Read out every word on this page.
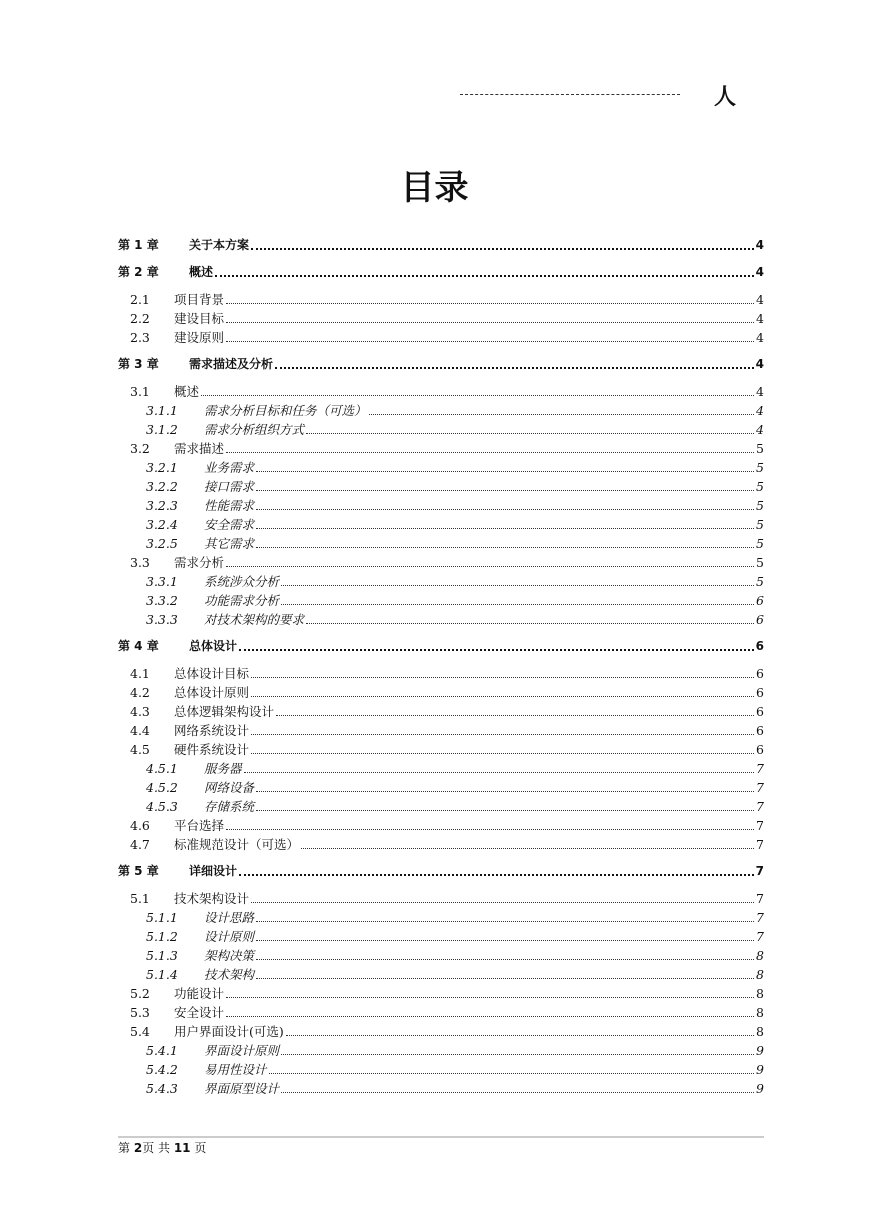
⼈
目录
第 1 章	关于本方案	4
第 2 章	概述	4
2.1	项目背景	4
2.2	建设目标	4
2.3	建设原则	4
第 3 章	需求描述及分析	4
3.1	概述	4
3.1.1	需求分析目标和任务（可选）	4
3.1.2	需求分析组织方式	4
3.2	需求描述	5
3.2.1	业务需求	5
3.2.2	接口需求	5
3.2.3	性能需求	5
3.2.4	安全需求	5
3.2.5	其它需求	5
3.3	需求分析	5
3.3.1	系统涉众分析	5
3.3.2	功能需求分析	6
3.3.3	对技术架构的要求	6
第 4 章	总体设计	6
4.1	总体设计目标	6
4.2	总体设计原则	6
4.3	总体逻辑架构设计	6
4.4	网络系统设计	6
4.5	硬件系统设计	6
4.5.1	服务器	7
4.5.2	网络设备	7
4.5.3	存储系统	7
4.6	平台选择	7
4.7	标准规范设计（可选）	7
第 5 章	详细设计	7
5.1	技术架构设计	7
5.1.1	设计思路	7
5.1.2	设计原则	7
5.1.3	架构决策	8
5.1.4	技术架构	8
5.2	功能设计	8
5.3	安全设计	8
5.4	用户界面设计(可选)	8
5.4.1	界面设计原则	9
5.4.2	易用性设计	9
5.4.3	界面原型设计	9
第 2页 共 11 页
